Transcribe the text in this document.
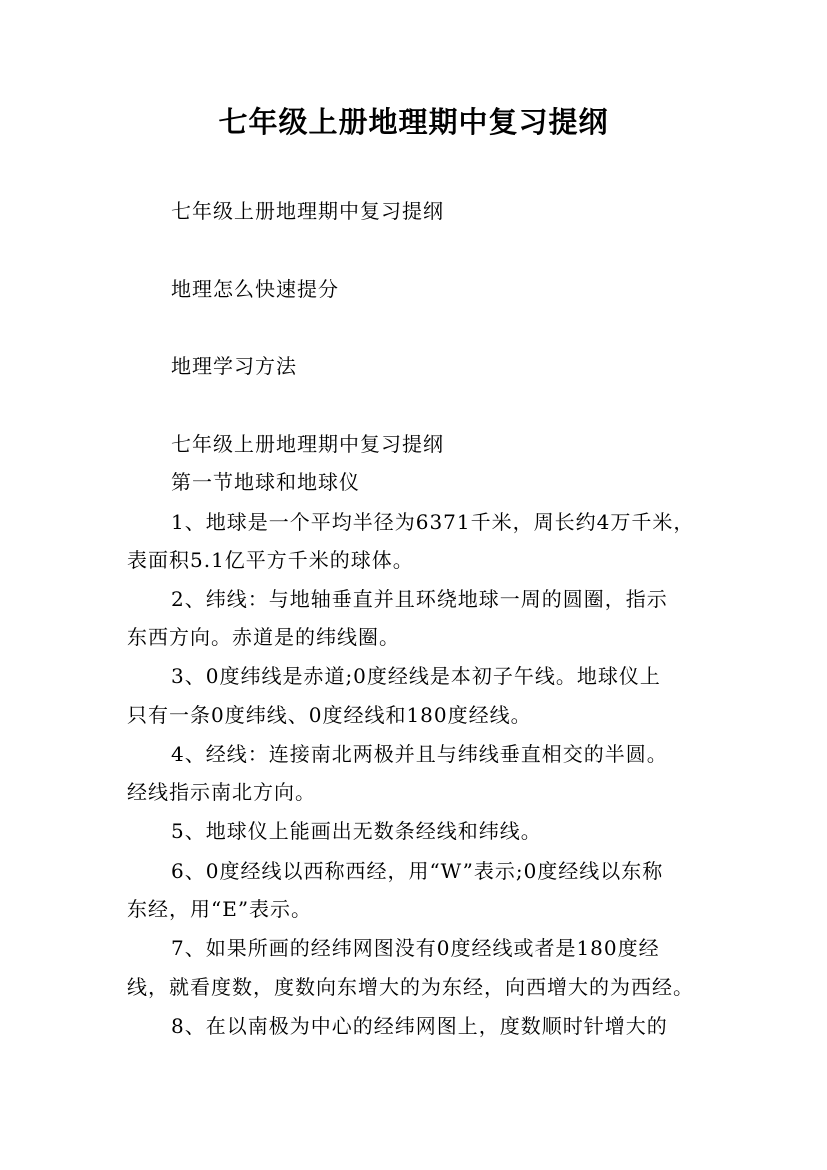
七年级上册地理期中复习提纲
七年级上册地理期中复习提纲
地理怎么快速提分
地理学习方法
七年级上册地理期中复习提纲
第一节地球和地球仪
1、地球是一个平均半径为6371千米，周长约4万千米，
表面积5.1亿平方千米的球体。
2、纬线：与地轴垂直并且环绕地球一周的圆圈，指示
东西方向。赤道是的纬线圈。
3、0度纬线是赤道;0度经线是本初子午线。地球仪上
只有一条0度纬线、0度经线和180度经线。
4、经线：连接南北两极并且与纬线垂直相交的半圆。
经线指示南北方向。
5、地球仪上能画出无数条经线和纬线。
6、0度经线以西称西经，用“W”表示;0度经线以东称
东经，用“E”表示。
7、如果所画的经纬网图没有0度经线或者是180度经
线，就看度数，度数向东增大的为东经，向西增大的为西经。
8、在以南极为中心的经纬网图上，度数顺时针增大的
